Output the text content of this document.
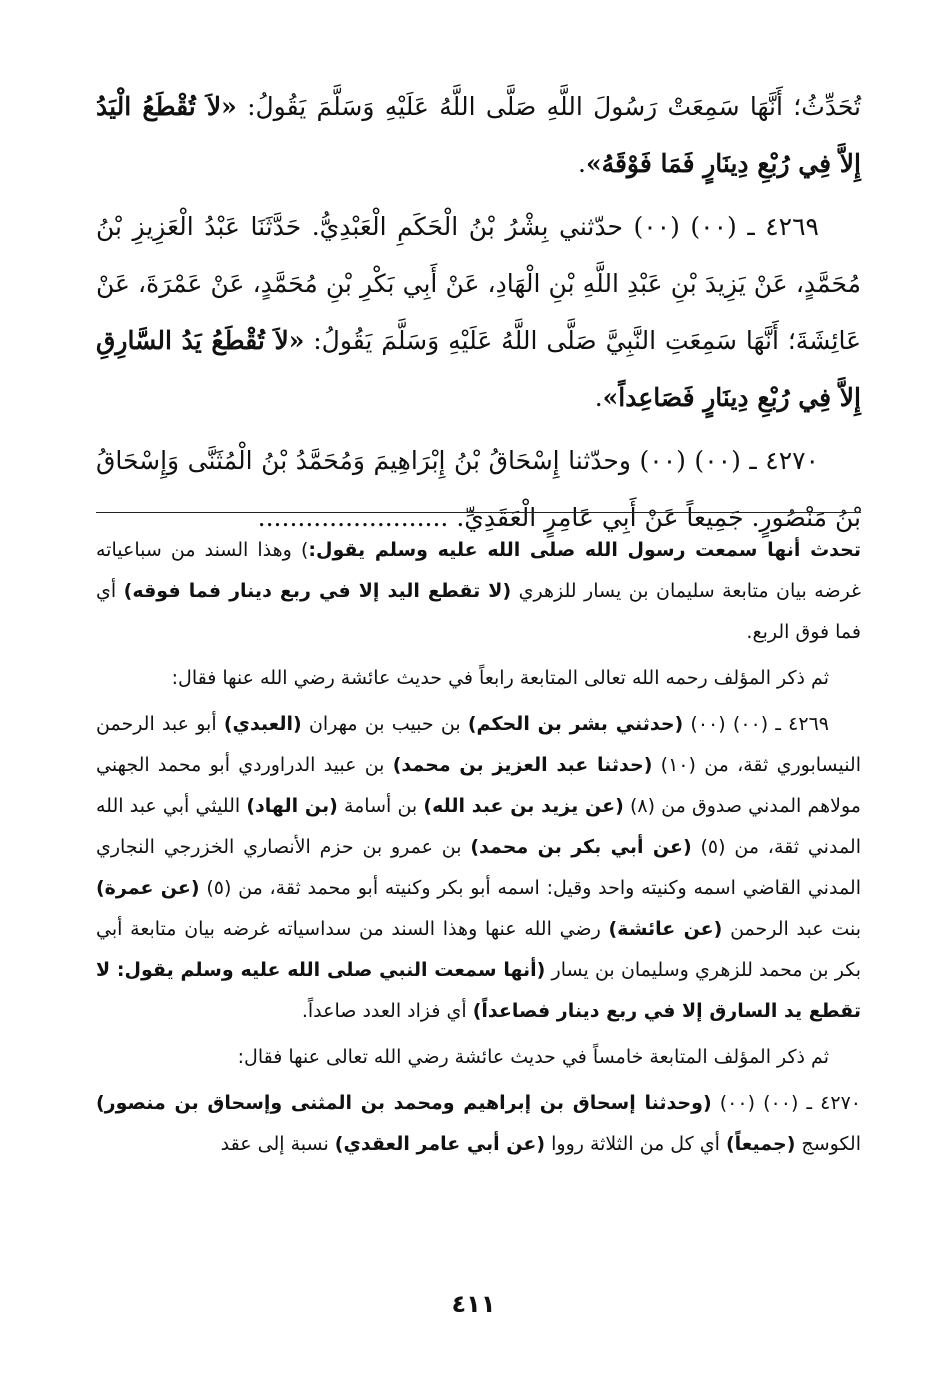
تُحَدِّثُ؛ أَنَّهَا سَمِعَتْ رَسُولَ اللَّهِ صَلَّى اللَّهُ عَلَيْهِ وَسَلَّمَ يَقُولُ: «لاَ تُقْطَعُ الْيَدُ إِلاَّ فِي رُبْعِ دِينَارٍ فَمَا فَوْقَهُ».

٤٢٦٩ ـ (٠٠) (٠٠) حدّثني بِشْرُ بْنُ الْحَكَمِ الْعَبْدِيُّ. حَدَّثَنَا عَبْدُ الْعَزِيزِ بْنُ مُحَمَّدٍ، عَنْ يَزِيدَ بْنِ عَبْدِ اللَّهِ بْنِ الْهَادِ، عَنْ أَبِي بَكْرِ بْنِ مُحَمَّدٍ، عَنْ عَمْرَةَ، عَنْ عَائِشَةَ؛ أَنَّهَا سَمِعَتِ النَّبِيَّ صَلَّى اللَّهُ عَلَيْهِ وَسَلَّمَ يَقُولُ: «لاَ تُقْطَعُ يَدُ السَّارِقِ إِلاَّ فِي رُبْعِ دِينَارٍ فَصَاعِداً».

٤٢٧٠ ـ (٠٠) (٠٠) وحدّثنا إِسْحَاقُ بْنُ إِبْرَاهِيمَ وَمُحَمَّدُ بْنُ الْمُثَنَّى وَإِسْحَاقُ بْنُ مَنْصُورٍ. جَمِيعاً عَنْ أَبِي عَامِرٍ الْعَقَدِيِّ. ........................

تحدث أنها سمعت رسول الله صلى الله عليه وسلم يقول:) وهذا السند من سباعياته غرضه بيان متابعة سليمان بن يسار للزهري (لا تقطع اليد إلا في ربع دينار فما فوقه) أي فما فوق الربع.

ثم ذكر المؤلف رحمه الله تعالى المتابعة رابعاً في حديث عائشة رضي الله عنها فقال:

٤٢٦٩ ـ (٠٠) (٠٠) (حدثني بشر بن الحكم) بن حبيب بن مهران (العبدي) أبو عبد الرحمن النيسابوري ثقة، من (١٠) (حدثنا عبد العزيز بن محمد) بن عبيد الدراوردي أبو محمد الجهني مولاهم المدني صدوق من (٨) (عن يزيد بن عبد الله) بن أسامة (بن الهاد) الليثي أبي عبد الله المدني ثقة، من (٥) (عن أبي بكر بن محمد) بن عمرو بن حزم الأنصاري الخزرجي النجاري المدني القاضي اسمه وكنيته واحد وقيل: اسمه أبو بكر وكنيته أبو محمد ثقة، من (٥) (عن عمرة) بنت عبد الرحمن (عن عائشة) رضي الله عنها وهذا السند من سداسياته غرضه بيان متابعة أبي بكر بن محمد للزهري وسليمان بن يسار (أنها سمعت النبي صلى الله عليه وسلم يقول: لا تقطع يد السارق إلا في ربع دينار فصاعداً) أي فزاد العدد صاعداً.

ثم ذكر المؤلف المتابعة خامساً في حديث عائشة رضي الله تعالى عنها فقال:

٤٢٧٠ ـ (٠٠) (٠٠) (وحدثنا إسحاق بن إبراهيم ومحمد بن المثنى وإسحاق بن منصور) الكوسج (جميعاً) أي كل من الثلاثة رووا (عن أبي عامر العقدي) نسبة إلى عقد

٤١١
